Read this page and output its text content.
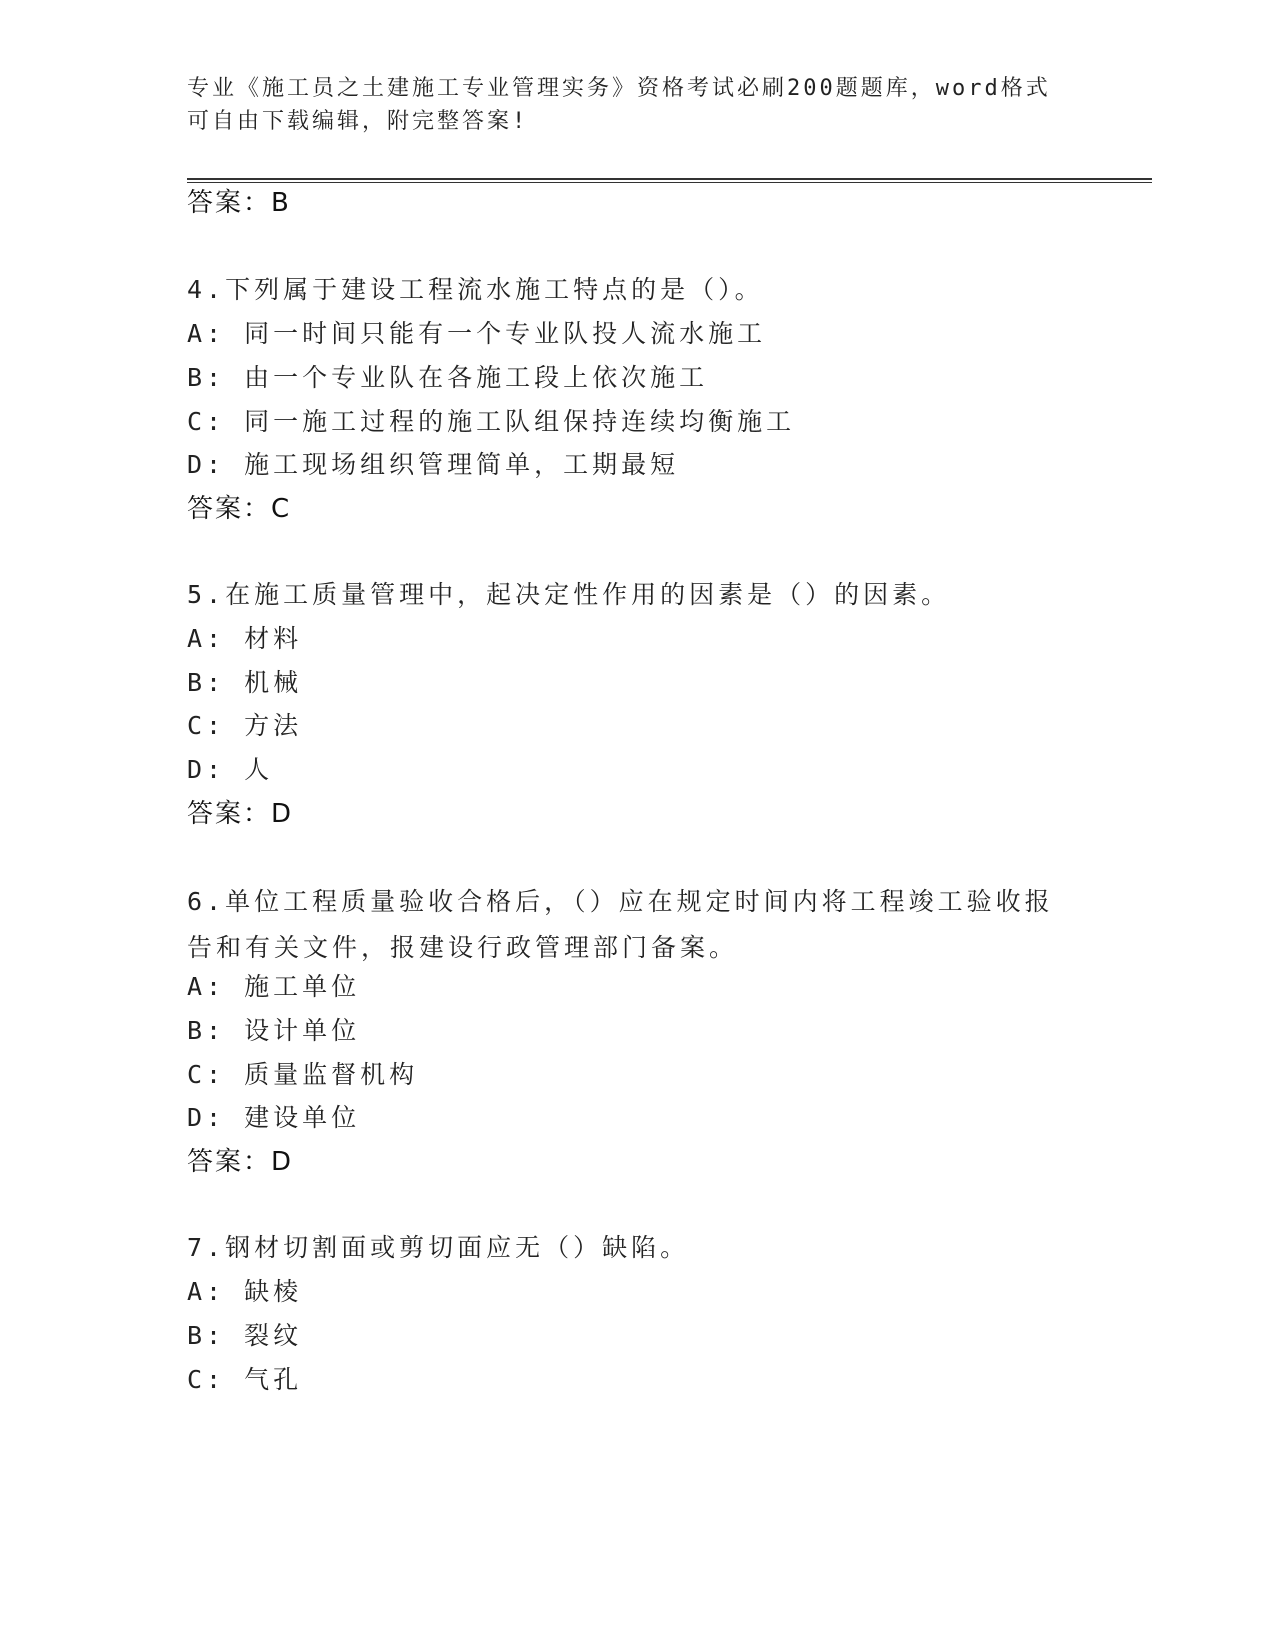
专业《施工员之土建施工专业管理实务》资格考试必刷200题题库，word格式可自由下载编辑，附完整答案!
答案：B
4.下列属于建设工程流水施工特点的是（）。
A: 同一时间只能有一个专业队投人流水施工
B: 由一个专业队在各施工段上依次施工
C: 同一施工过程的施工队组保持连续均衡施工
D: 施工现场组织管理简单，工期最短
答案：C
5.在施工质量管理中，起决定性作用的因素是（）的因素。
A: 材料
B: 机械
C: 方法
D: 人
答案：D
6.单位工程质量验收合格后，（）应在规定时间内将工程竣工验收报告和有关文件，报建设行政管理部门备案。
A: 施工单位
B: 设计单位
C: 质量监督机构
D: 建设单位
答案：D
7.钢材切割面或剪切面应无（）缺陷。
A: 缺棱
B: 裂纹
C: 气孔
